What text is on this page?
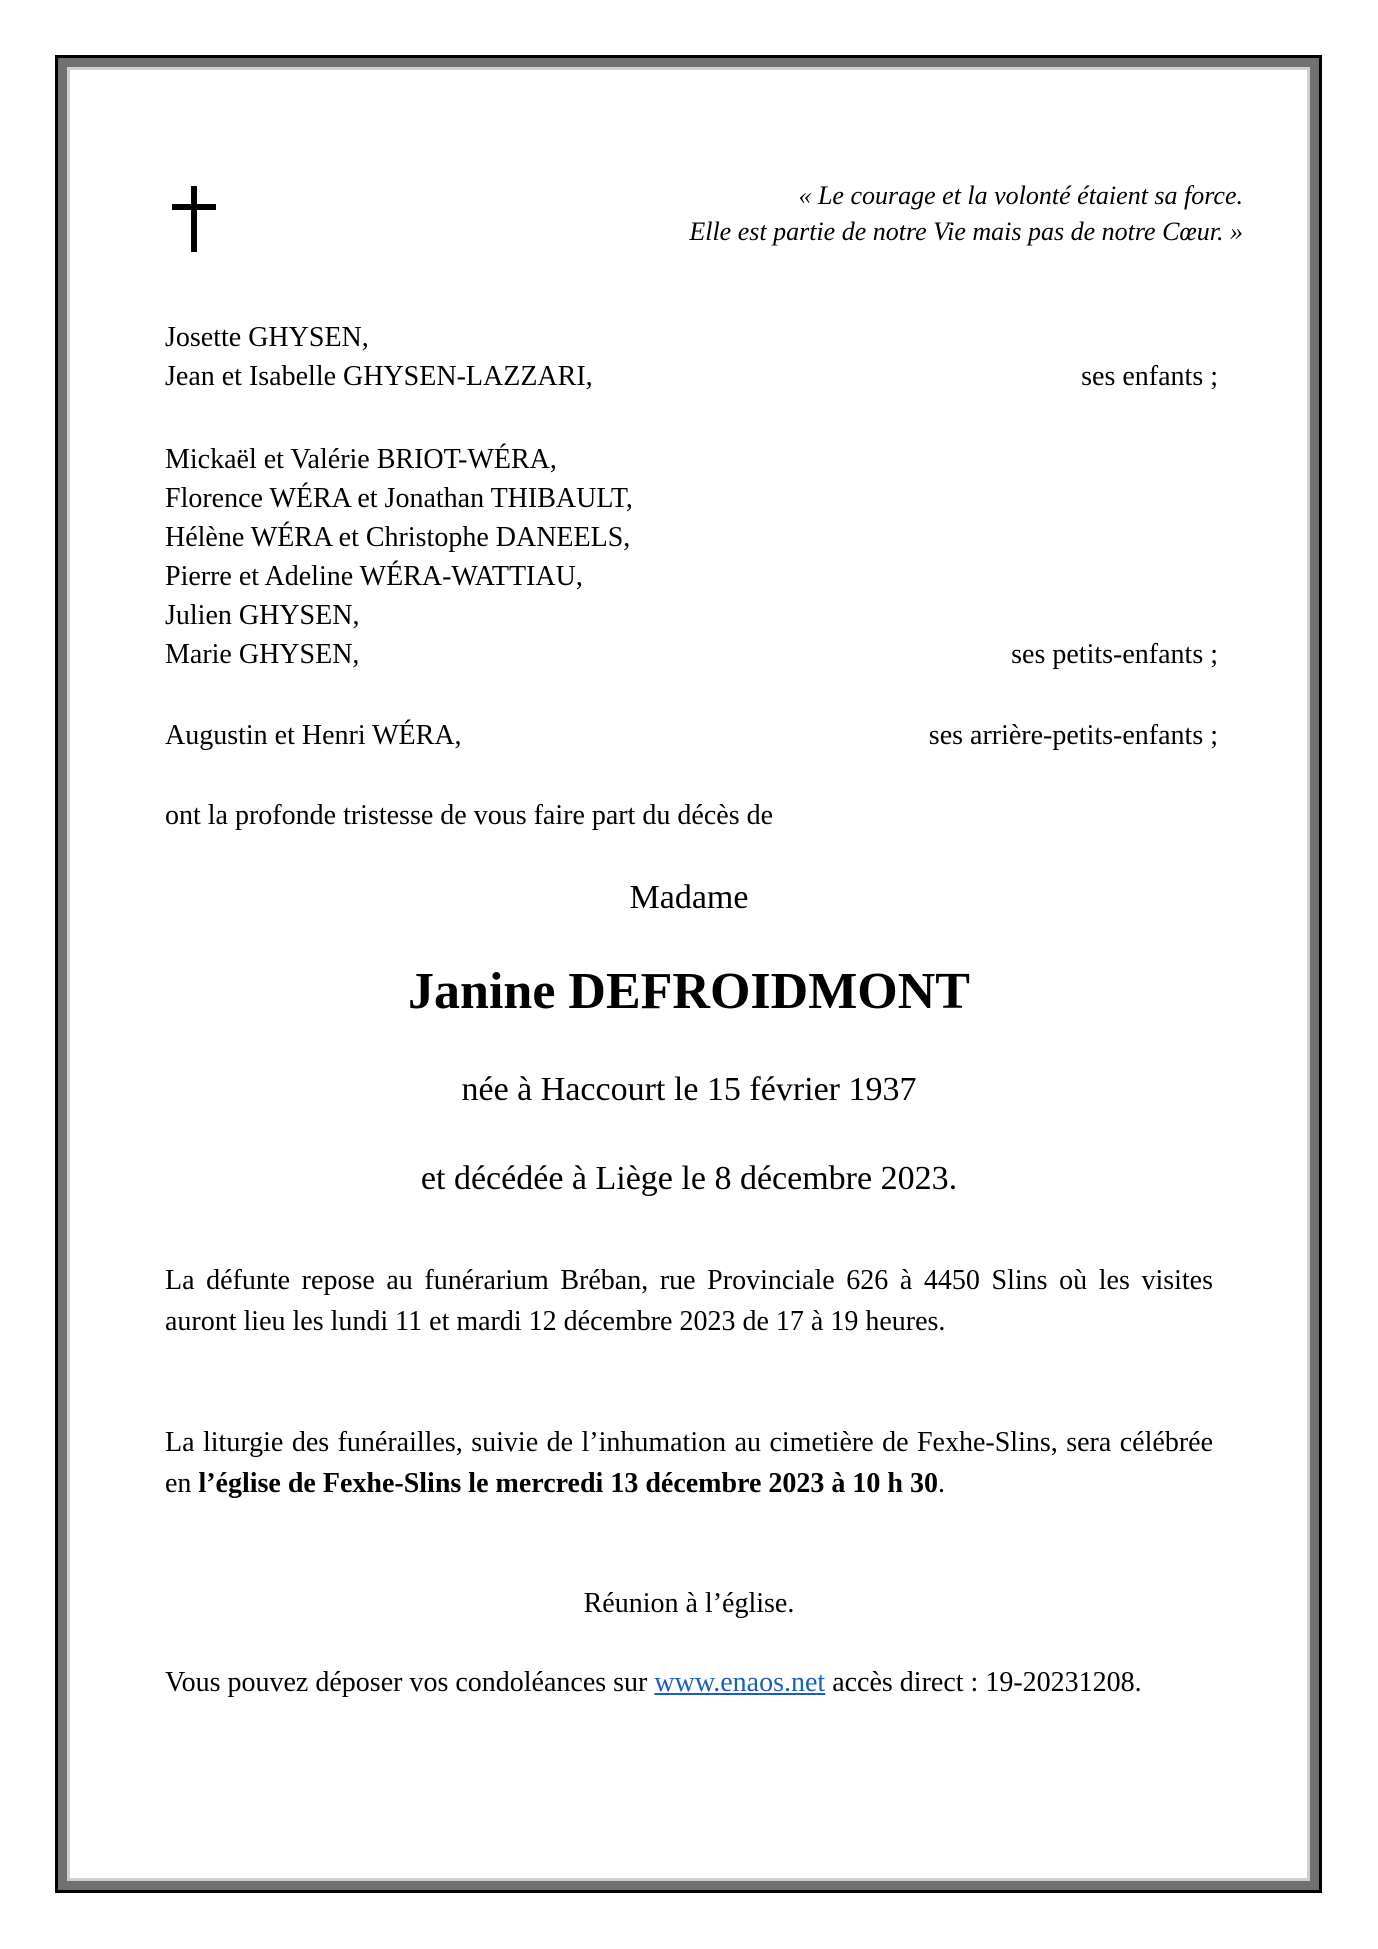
« Le courage et la volonté étaient sa force.
Elle est partie de notre Vie mais pas de notre Cœur. »
Josette GHYSEN,
Jean et Isabelle GHYSEN-LAZZARI,	ses enfants ;
Mickaël et Valérie BRIOT-WÉRA,
Florence WÉRA et Jonathan THIBAULT,
Hélène WÉRA et Christophe DANEELS,
Pierre et Adeline WÉRA-WATTIAU,
Julien GHYSEN,
Marie GHYSEN,	ses petits-enfants ;
Augustin et Henri WÉRA,	ses arrière-petits-enfants ;
ont la profonde tristesse de vous faire part du décès de
Madame
Janine DEFROIDMONT
née à Haccourt le 15 février 1937
et décédée à Liège le 8 décembre 2023.
La défunte repose au funérarium Bréban, rue Provinciale 626 à 4450 Slins où les visites auront lieu les lundi 11 et mardi 12 décembre 2023 de 17 à 19 heures.
La liturgie des funérailles, suivie de l’inhumation au cimetière de Fexhe-Slins, sera célébrée en l’église de Fexhe-Slins le mercredi 13 décembre 2023 à 10 h 30.
Réunion à l’église.
Vous pouvez déposer vos condoléances sur www.enaos.net accès direct : 19-20231208.
